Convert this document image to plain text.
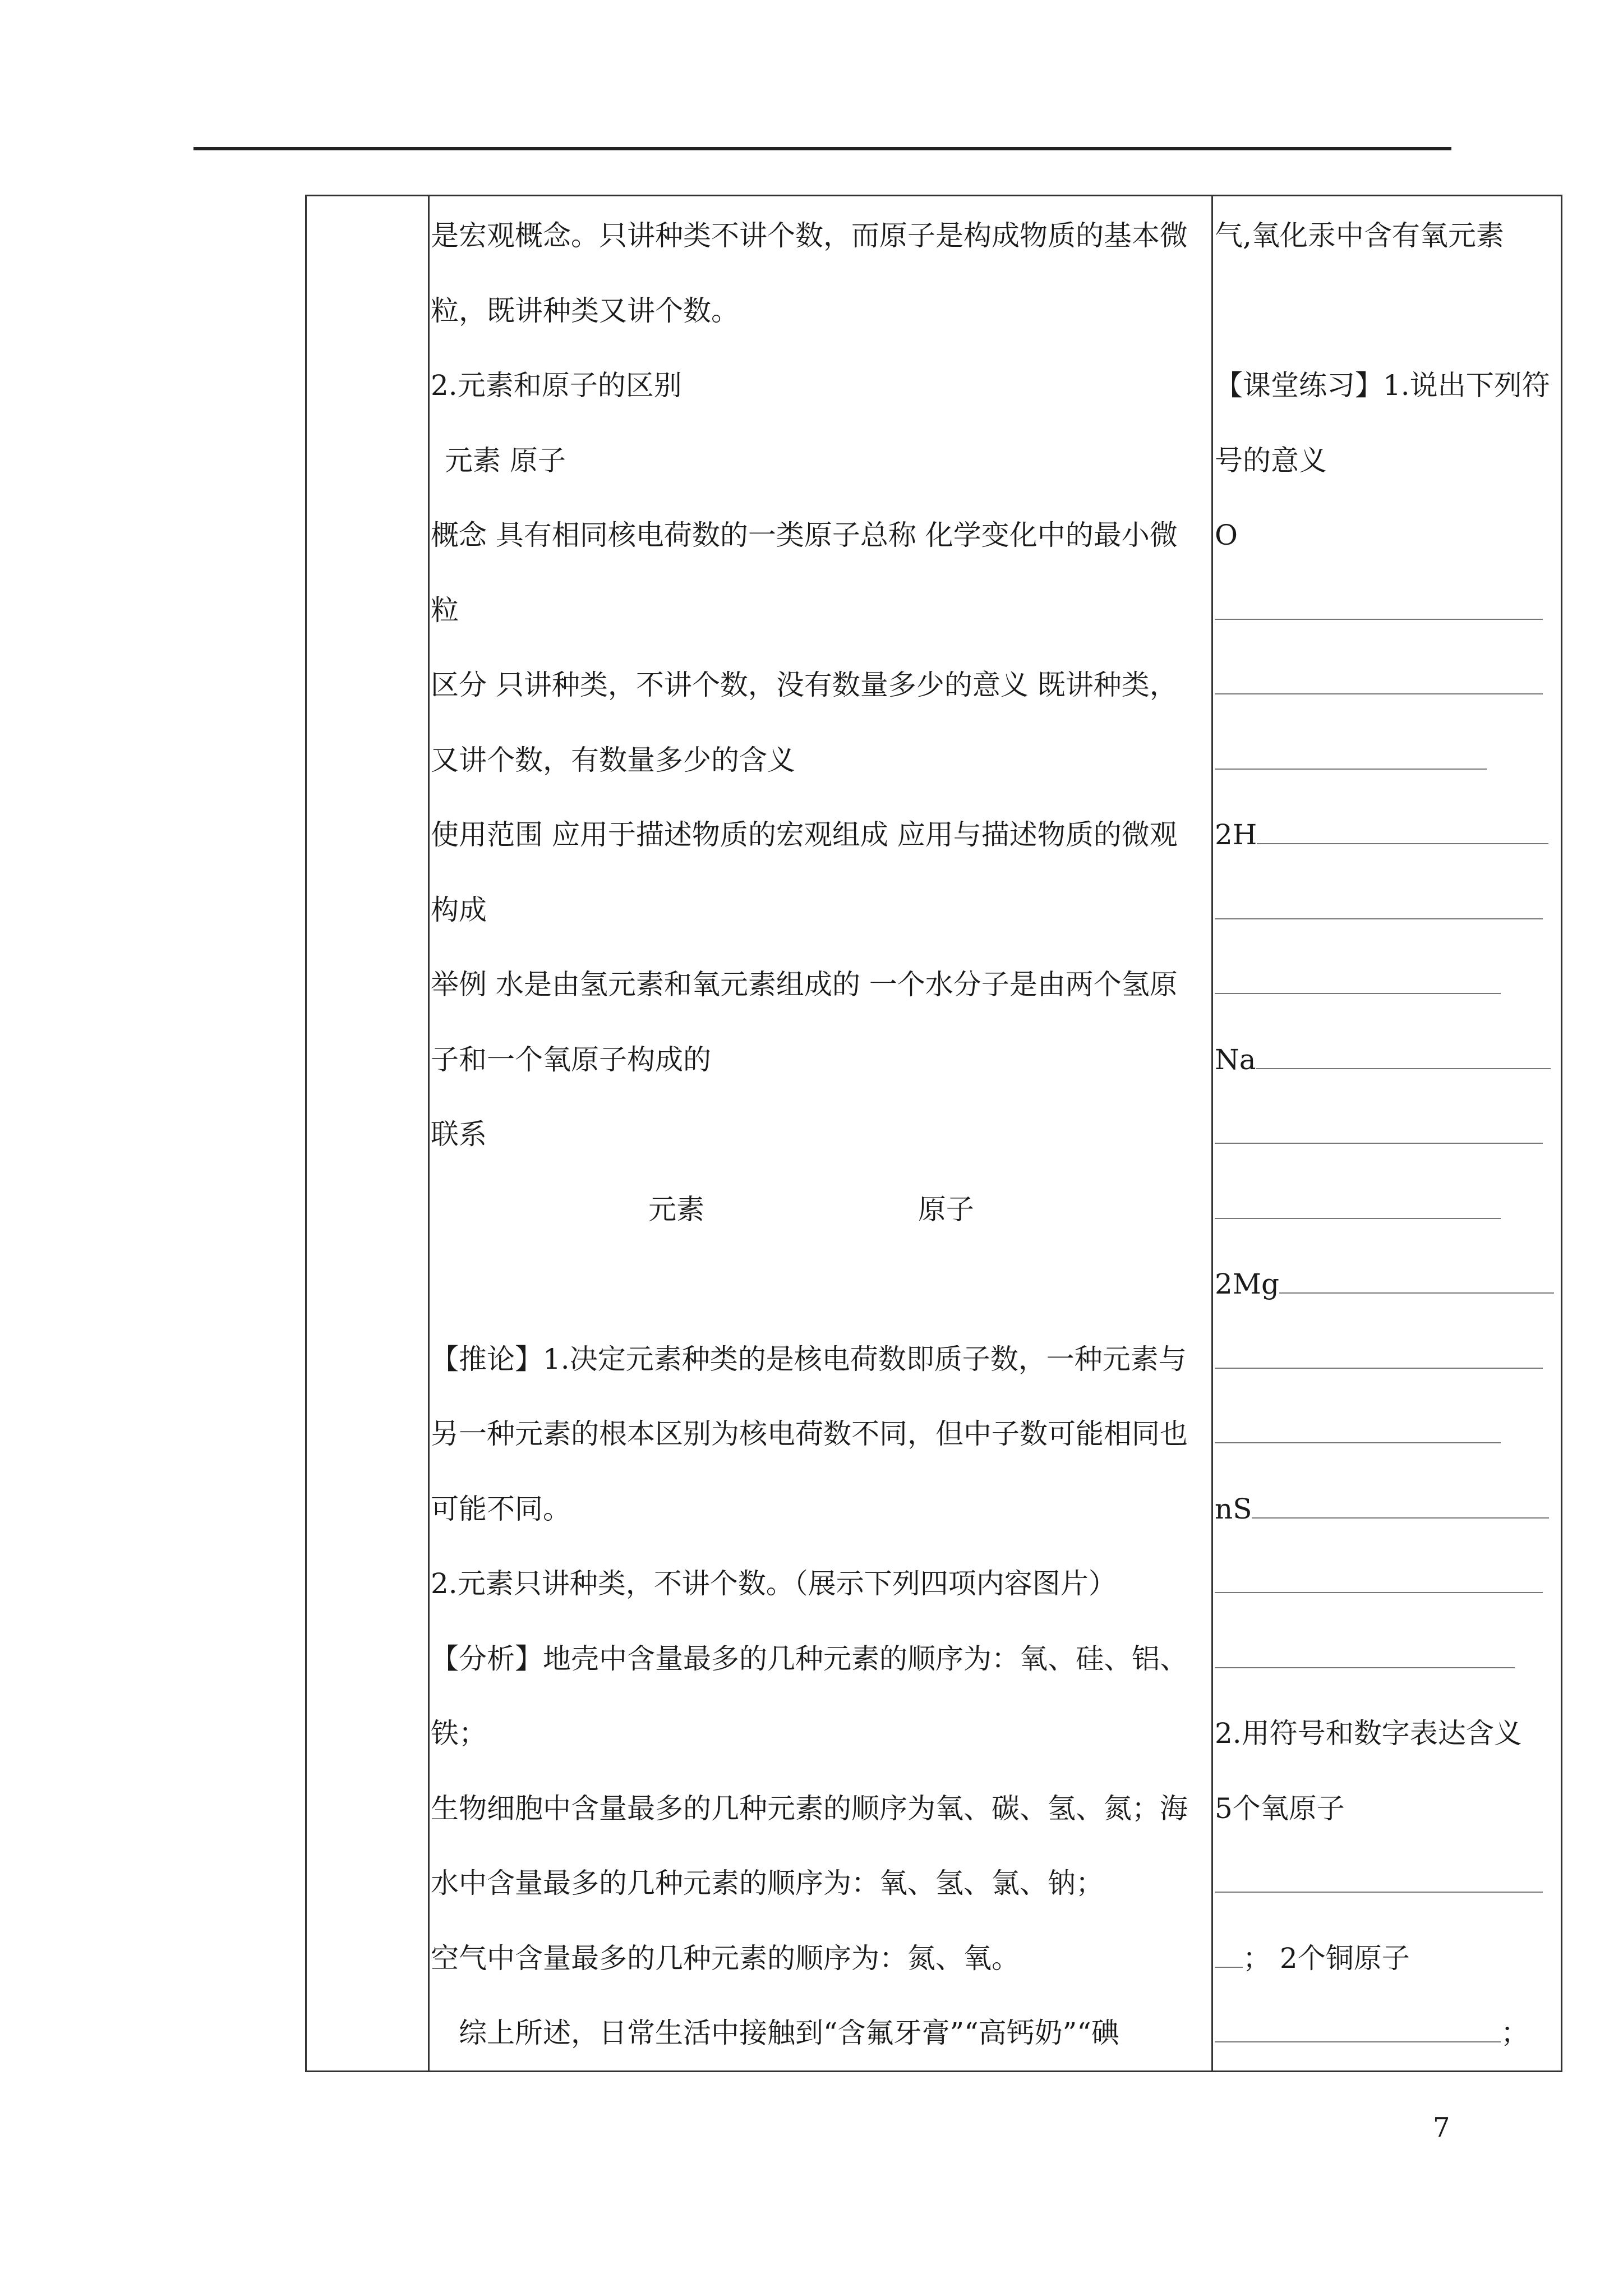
是宏观概念。只讲种类不讲个数，而原子是构成物质的基本微
粒，既讲种类又讲个数。
2.元素和原子的区别
元素 原子
概念 具有相同核电荷数的一类原子总称 化学变化中的最小微
粒
区分 只讲种类，不讲个数，没有数量多少的意义 既讲种类，
又讲个数，有数量多少的含义
使用范围 应用于描述物质的宏观组成 应用与描述物质的微观
构成
举例 水是由氢元素和氧元素组成的 一个水分子是由两个氢原
子和一个氧原子构成的
联系
元素	原子
【推论】1.决定元素种类的是核电荷数即质子数，一种元素与
另一种元素的根本区别为核电荷数不同，但中子数可能相同也
可能不同。
2.元素只讲种类，不讲个数。（展示下列四项内容图片）
【分析】地壳中含量最多的几种元素的顺序为：氧、硅、铝、
铁；
生物细胞中含量最多的几种元素的顺序为氧、碳、氢、氮；海
水中含量最多的几种元素的顺序为：氧、氢、氯、钠；
空气中含量最多的几种元素的顺序为：氮、氧。
综上所述，日常生活中接触到“含氟牙膏”“高钙奶”“碘
气,氧化汞中含有氧元素
【课堂练习】1.说出下列符
号的意义
O
2H
Na
2Mg
nS
2.用符号和数字表达含义
5个氧原子
； 2个铜原子
；
7
